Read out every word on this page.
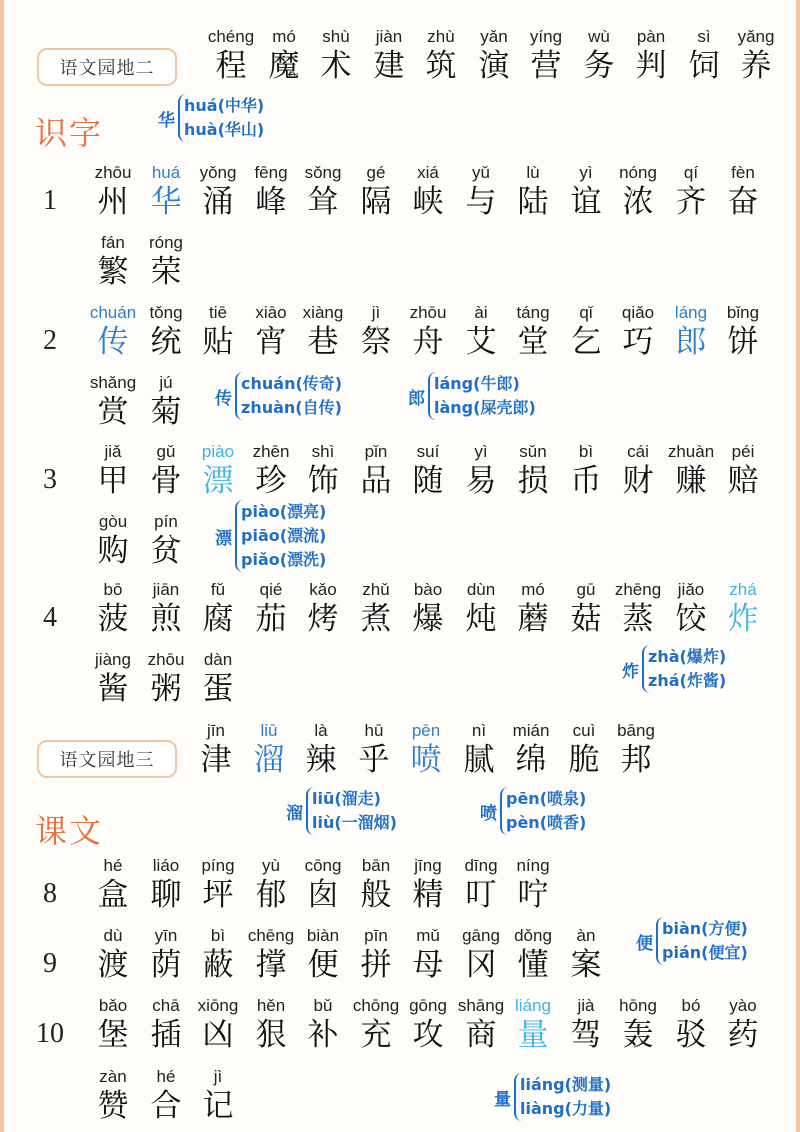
语文园地二
识字
语文园地三
课文
1
2
3
4
8
9
10
chéng
程
mó
魔
shù
术
jiàn
建
zhù
筑
yǎn
演
yíng
营
wù
务
pàn
判
sì
饲
yǎng
养
zhōu
州
huá
华
yǒng
涌
fēng
峰
sǒng
耸
gé
隔
xiá
峡
yǔ
与
lù
陆
yì
谊
nóng
浓
qí
齐
fèn
奋
fán
繁
róng
荣
chuán
传
tǒng
统
tiē
贴
xiāo
宵
xiàng
巷
jì
祭
zhōu
舟
ài
艾
táng
堂
qǐ
乞
qiǎo
巧
láng
郎
bǐng
饼
shǎng
赏
jú
菊
jiǎ
甲
gǔ
骨
piào
漂
zhēn
珍
shì
饰
pǐn
品
suí
随
yì
易
sǔn
损
bì
币
cái
财
zhuàn
赚
péi
赔
gòu
购
pín
贫
bō
菠
jiān
煎
fǔ
腐
qié
茄
kǎo
烤
zhǔ
煮
bào
爆
dùn
炖
mó
蘑
gū
菇
zhēng
蒸
jiǎo
饺
zhá
炸
jiàng
酱
zhōu
粥
dàn
蛋
jīn
津
liū
溜
là
辣
hū
乎
pēn
喷
nì
腻
mián
绵
cuì
脆
bāng
邦
hé
盒
liáo
聊
píng
坪
yù
郁
cōng
囱
bān
般
jīng
精
dīng
叮
níng
咛
dù
渡
yīn
荫
bì
蔽
chēng
撑
biàn
便
pīn
拼
mǔ
母
gāng
冈
dǒng
懂
àn
案
bǎo
堡
chā
插
xiōng
凶
hěn
狠
bǔ
补
chōng
充
gōng
攻
shāng
商
liáng
量
jià
驾
hōng
轰
bó
驳
yào
药
zàn
赞
hé
合
jì
记
华
huá(中华)
huà(华山)
传
chuán(传奇)
zhuàn(自传)	郎
láng(牛郎)
làng(屎壳郎)
漂
piào(漂亮)
piāo(漂流)
piǎo(漂洗)
炸
zhà(爆炸)
zhá(炸酱)
溜
liū(溜走)
liù(一溜烟)	喷
pēn(喷泉)
pèn(喷香)
便
biàn(方便)
pián(便宜)
量
liáng(测量)
liàng(力量)
